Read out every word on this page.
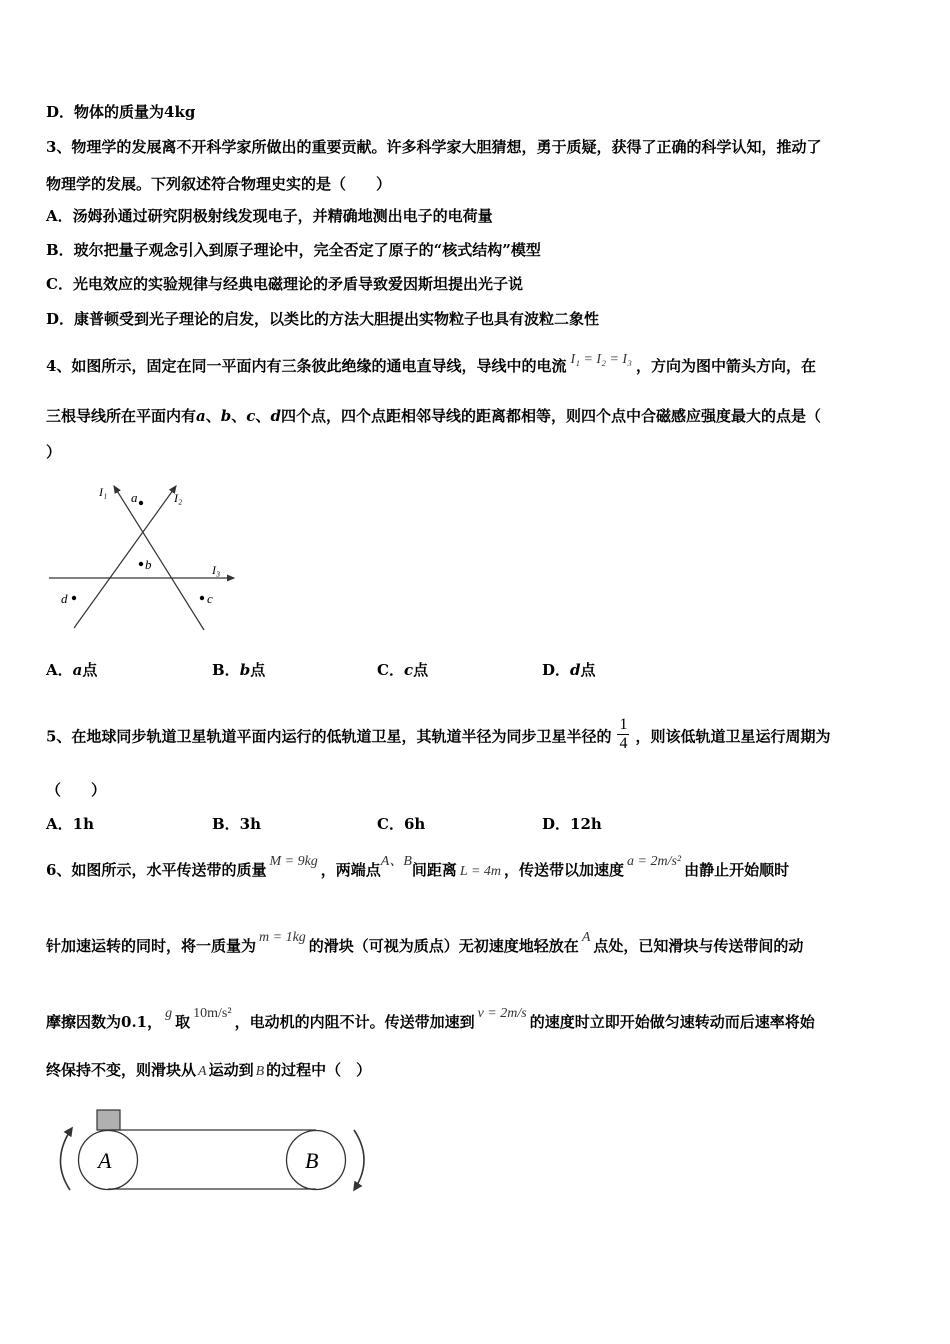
D．物体的质量为4kg
3、物理学的发展离不开科学家所做出的重要贡献。许多科学家大胆猜想，勇于质疑，获得了正确的科学认知，推动了
物理学的发展。下列叙述符合物理史实的是（　　）
A．汤姆孙通过研究阴极射线发现电子，并精确地测出电子的电荷量
B．玻尔把量子观念引入到原子理论中，完全否定了原子的“核式结构”模型
C．光电效应的实验规律与经典电磁理论的矛盾导致爱因斯坦提出光子说
D．康普顿受到光子理论的启发，以类比的方法大胆提出实物粒子也具有波粒二象性
4、如图所示，固定在同一平面内有三条彼此绝缘的通电直导线，导线中的电流 I₁ = I₂ = I₃ ，方向为图中箭头方向，在
三根导线所在平面内有a、b、c、d四个点，四个点距相邻导线的距离都相等，则四个点中合磁感应强度最大的点是（
）
I₁	I₂
I₃
a
b
c
d
A．a点	B．b点	C．c点	D．d点
5、在地球同步轨道卫星轨道平面内运行的低轨道卫星，其轨道半径为同步卫星半径的 $\frac{1}{4}$ ，则该低轨道卫星运行周期为
（　　）
A．1h	B．3h	C．6h	D．12h
6、如图所示，水平传送带的质量 M = 9kg ，两端点A、B间距离 L = 4m ，传送带以加速度 a = 2m/s² 由静止开始顺时
针加速运转的同时，将一质量为 m = 1kg 的滑块（可视为质点）无初速度地轻放在 A 点处，已知滑块与传送带间的动
摩擦因数为0.1， g 取 10m/s² ，电动机的内阻不计。传送带加速到 v = 2m/s 的速度时立即开始做匀速转动而后速率将始
终保持不变，则滑块从 A 运动到 B 的过程中（　）
A	B
